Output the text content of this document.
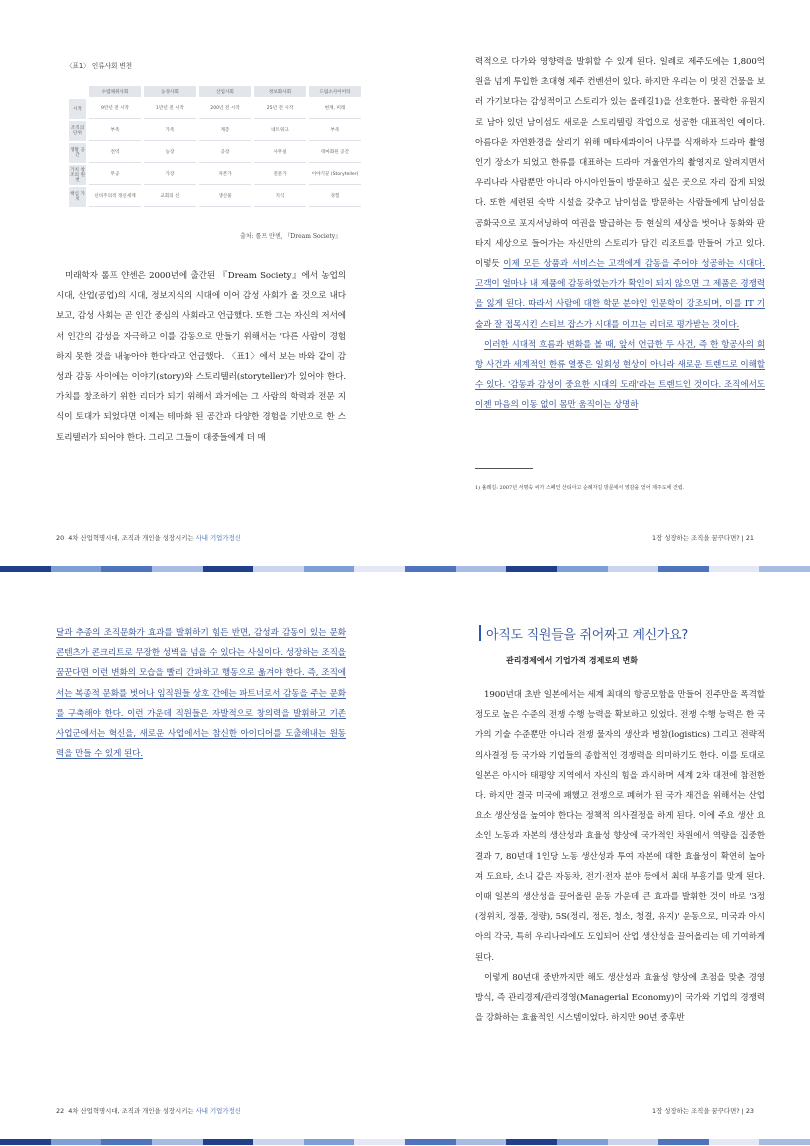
〈표1〉 인류사회 변천
	수렵채취사회	농경사회	산업사회	정보화사회	드림소사이어티
시작	9만년 전 시작	1만년 전 시작	200년 전 시작	25년 전 시작	현재, 미래
조직의 단위	부족	가족	계층	네트워크	부족
생활 공간	전역	농장	공장	사무실	테마화된 공간
가치 창조의 원천	무공	가장	자본가	전문가	이야기꾼 (Storyteller)
핵심 가치	신비주의적 정신세계	교회의 신	생산물	지식	경험
출처: 롤프 얀센, 『Dream Society』

미래학자 롤프 얀센은 2000년에 출간된 『Dream Society』에서 농업의 시대, 산업(공업)의 시대, 정보지식의 시대에 이어 감성 사회가 올 것으로 내다보고, 감성 사회는 곧 인간 중심의 사회라고 언급했다. 또한 그는 자신의 저서에서 인간의 감성을 자극하고 이를 감동으로 만들기 위해서는 '다른 사람이 경험하지 못한 것을 내놓아야 한다'라고 언급했다. 〈표1〉에서 보는 바와 같이 감성과 감동 사이에는 이야기(story)와 스토리텔러(storyteller)가 있어야 한다. 가치를 창조하기 위한 리더가 되기 위해서 과거에는 그 사람의 학력과 전문 지식이 토대가 되었다면 이제는 테마화 된 공간과 다양한 경험을 기반으로 한 스토리텔러가 되어야 한다. 그리고 그들이 대중들에게 더 매

20 4차 산업혁명시대, 조직과 개인을 성장시키는 사내 기업가정신

력적으로 다가와 영향력을 발휘할 수 있게 된다. 일례로 제주도에는 1,800억 원을 넘게 투입한 초대형 제주 컨벤션이 있다. 하지만 우리는 이 멋진 건물을 보러 가기보다는 감성적이고 스토리가 있는 올레길1)을 선호한다. 몰락한 유원지로 남아 있던 남이섬도 새로운 스토리텔링 작업으로 성공한 대표적인 예이다. 아름다운 자연환경을 살리기 위해 메타세콰이어 나무를 식재하자 드라마 촬영 인기 장소가 되었고 한류를 대표하는 드라마 겨울연가의 촬영지로 알려지면서 우리나라 사람뿐만 아니라 아시아인들이 방문하고 싶은 곳으로 자리 잡게 되었다. 또한 세련된 숙박 시설을 갖추고 남이섬을 방문하는 사람들에게 남이섬을 공화국으로 포지셔닝하여 여권을 발급하는 등 현실의 세상을 벗어나 동화와 판타지 세상으로 들어가는 자신만의 스토리가 담긴 리조트를 만들어 가고 있다. 이렇듯 이제 모든 상품과 서비스는 고객에게 감동을 주어야 성공하는 시대다. 고객이 얼마나 내 제품에 감동하였는가가 확인이 되지 않으면 그 제품은 경쟁력을 잃게 된다. 따라서 사람에 대한 학문 분야인 인문학이 강조되며, 이를 IT 기술과 잘 접목시킨 스티브 잡스가 시대를 이끄는 리더로 평가받는 것이다.

이러한 시대적 흐름과 변화를 볼 때, 앞서 언급한 두 사건, 즉 한 항공사의 회항 사건과 세계적인 한류 열풍은 일회성 현상이 아니라 새로운 트렌드로 이해할 수 있다. '감동과 감성이 중요한 시대의 도래'라는 트렌드인 것이다. 조직에서도 이젠 마음의 이동 없이 몸만 움직이는 상명하

1장 성장하는 조직을 꿈꾸다면? | 21
1) 올레길: 2007년 서명숙 씨가 스페인 산티아고 순례자길 방문에서 영감을 얻어 제주도에 건립.

달과 추종의 조직문화가 효과를 발휘하기 힘든 반면, 감성과 감동이 있는 문화콘텐츠가 콘크리트로 무장한 성벽을 넘을 수 있다는 사실이다. 성장하는 조직을 꿈꾼다면 이런 변화의 모습을 빨리 간파하고 행동으로 옮겨야 한다. 즉, 조직에서는 복종적 문화를 벗어나 임직원들 상호 간에는 파트너로서 감동을 주는 문화를 구축해야 한다. 이런 가운데 직원들은 자발적으로 창의력을 발휘하고 기존 사업군에서는 혁신을, 새로운 사업에서는 참신한 아이디어를 도출해내는 원동력을 만들 수 있게 된다.

22 4차 산업혁명시대, 조직과 개인을 성장시키는 사내 기업가정신

1900년대 초반 일본에서는 세계 최대의 항공모함을 만들어 진주만을 폭격할 정도로 높은 수준의 전쟁 수행 능력을 확보하고 있었다. 전쟁 수행 능력은 한 국가의 기술 수준뿐만 아니라 전쟁 물자의 생산과 병참(logistics) 그리고 전략적 의사결정 등 국가와 기업들의 종합적인 경쟁력을 의미하기도 한다. 이를 토대로 일본은 아시아 태평양 지역에서 자신의 힘을 과시하며 세계 2차 대전에 참전한다. 하지만 결국 미국에 패했고 전쟁으로 폐허가 된 국가 재건을 위해서는 산업 요소 생산성을 높여야 한다는 정책적 의사결정을 하게 된다. 이에 주요 생산 요소인 노동과 자본의 생산성과 효율성 향상에 국가적인 차원에서 역량을 집중한 결과 7, 80년대 1인당 노동 생산성과 투여 자본에 대한 효율성이 확연히 높아져 도요타, 소니 같은 자동차, 전기·전자 분야 등에서 최대 부흥기를 맞게 된다. 이때 일본의 생산성을 끌어올린 운동 가운데 큰 효과를 발휘한 것이 바로 '3정(정위치, 정품, 정량), 5S(정리, 정돈, 청소, 청결, 유지)' 운동으로, 미국과 아시아의 각국, 특히 우리나라에도 도입되어 산업 생산성을 끌어올리는 데 기여하게 된다.

이렇게 80년대 중반까지만 해도 생산성과 효율성 향상에 초점을 맞춘 경영 방식, 즉 관리경제/관리경영(Managerial Economy)이 국가와 기업의 경쟁력을 강화하는 효율적인 시스템이었다. 하지만 90년 중후반

1장 성장하는 조직을 꿈꾸다면? | 23
아직도 직원들을 쥐어짜고 계신가요?
관리경제에서 기업가적 경제로의 변화
